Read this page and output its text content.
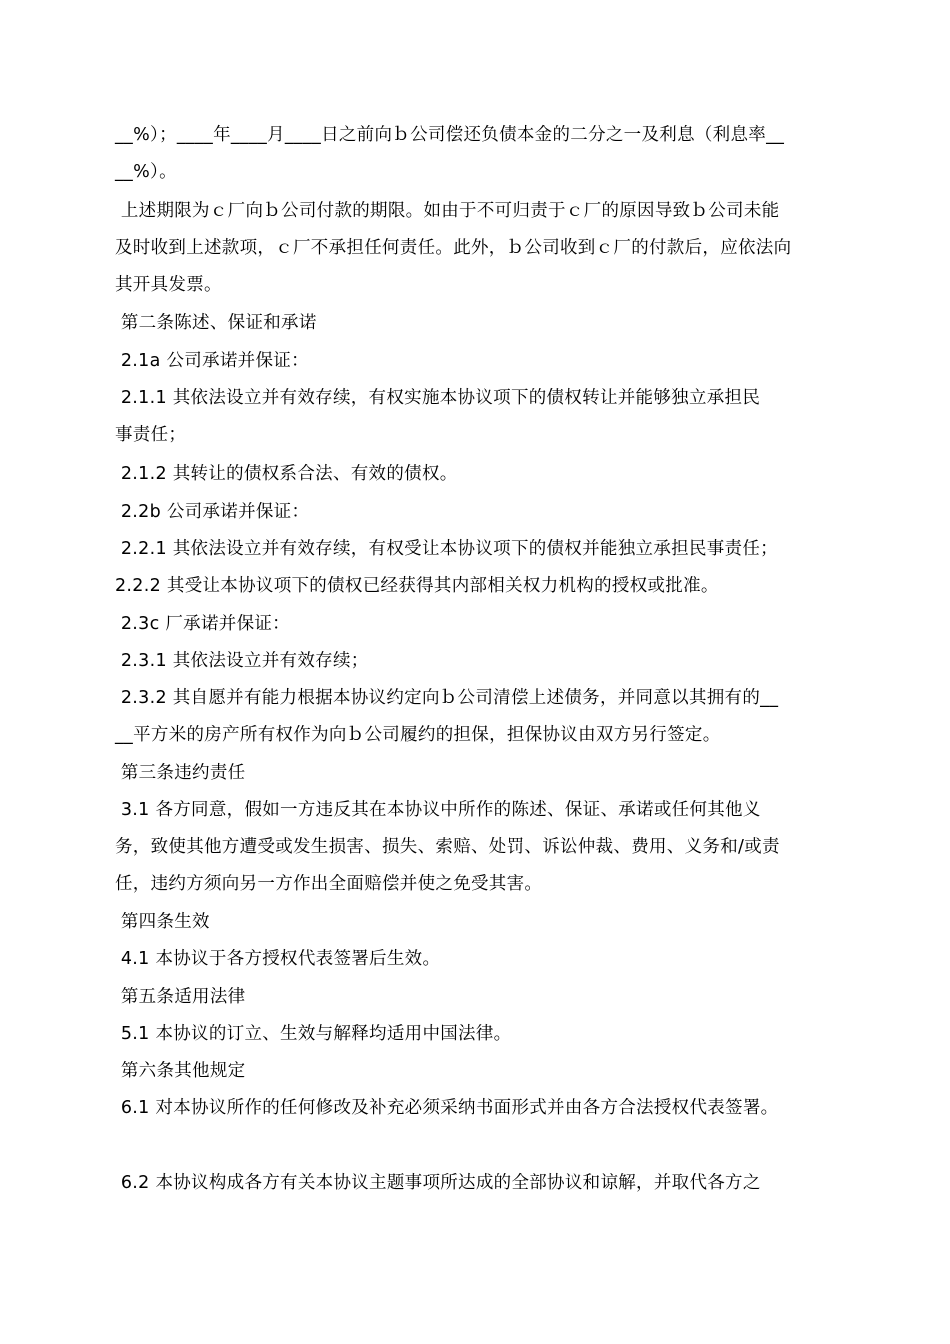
__%）；____年____月____日之前向ｂ公司偿还负债本金的二分之一及利息（利息率__
__%）。
上述期限为ｃ厂向ｂ公司付款的期限。如由于不可归责于ｃ厂的原因导致ｂ公司未能
及时收到上述款项，ｃ厂不承担任何责任。此外，ｂ公司收到ｃ厂的付款后，应依法向
其开具发票。
第二条陈述、保证和承诺
2.1a 公司承诺并保证：
2.1.1 其依法设立并有效存续，有权实施本协议项下的债权转让并能够独立承担民
事责任；
2.1.2 其转让的债权系合法、有效的债权。
2.2b 公司承诺并保证：
2.2.1 其依法设立并有效存续，有权受让本协议项下的债权并能独立承担民事责任；
2.2.2 其受让本协议项下的债权已经获得其内部相关权力机构的授权或批准。
2.3c 厂承诺并保证：
2.3.1 其依法设立并有效存续；
2.3.2 其自愿并有能力根据本协议约定向ｂ公司清偿上述债务，并同意以其拥有的__
__平方米的房产所有权作为向ｂ公司履约的担保，担保协议由双方另行签定。
第三条违约责任
3.1 各方同意，假如一方违反其在本协议中所作的陈述、保证、承诺或任何其他义
务，致使其他方遭受或发生损害、损失、索赔、处罚、诉讼仲裁、费用、义务和/或责
任，违约方须向另一方作出全面赔偿并使之免受其害。
第四条生效
4.1 本协议于各方授权代表签署后生效。
第五条适用法律
5.1 本协议的订立、生效与解释均适用中国法律。
第六条其他规定
6.1 对本协议所作的任何修改及补充必须采纳书面形式并由各方合法授权代表签署。
6.2 本协议构成各方有关本协议主题事项所达成的全部协议和谅解，并取代各方之
